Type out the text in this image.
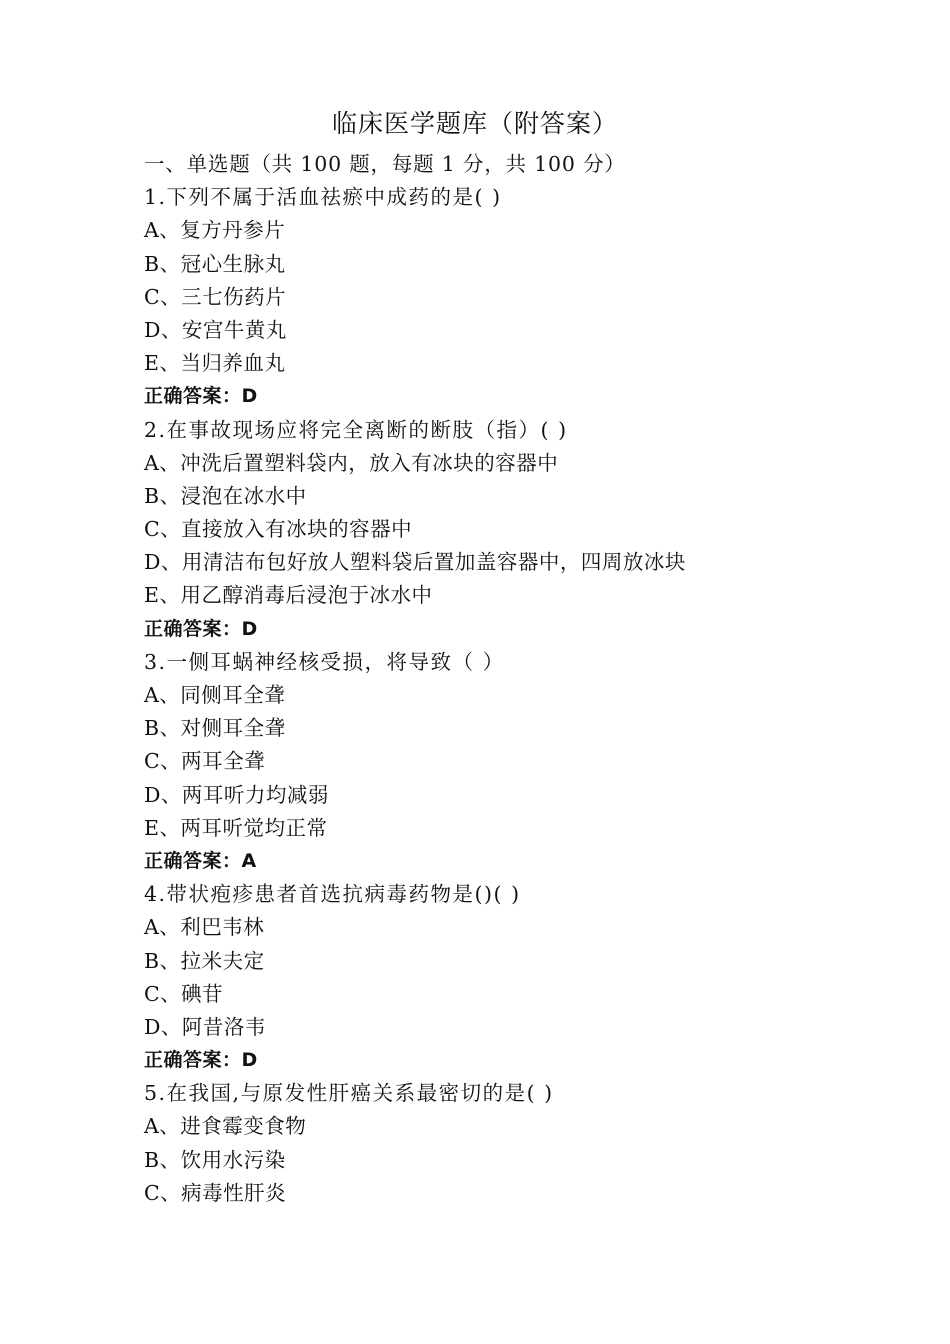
临床医学题库（附答案）
一、单选题（共 100 题，每题 1 分，共 100 分）
1.下列不属于活血祛瘀中成药的是( )
A、复方丹参片
B、冠心生脉丸
C、三七伤药片
D、安宫牛黄丸
E、当归养血丸
正确答案：D
2.在事故现场应将完全离断的断肢（指）( )
A、冲洗后置塑料袋内，放入有冰块的容器中
B、浸泡在冰水中
C、直接放入有冰块的容器中
D、用清洁布包好放人塑料袋后置加盖容器中，四周放冰块
E、用乙醇消毒后浸泡于冰水中
正确答案：D
3.一侧耳蜗神经核受损，将导致（ ）
A、同侧耳全聋
B、对侧耳全聋
C、两耳全聋
D、两耳听力均减弱
E、两耳听觉均正常
正确答案：A
4.带状疱疹患者首选抗病毒药物是()( )
A、利巴韦林
B、拉米夫定
C、碘苷
D、阿昔洛韦
正确答案：D
5.在我国,与原发性肝癌关系最密切的是( )
A、进食霉变食物
B、饮用水污染
C、病毒性肝炎
